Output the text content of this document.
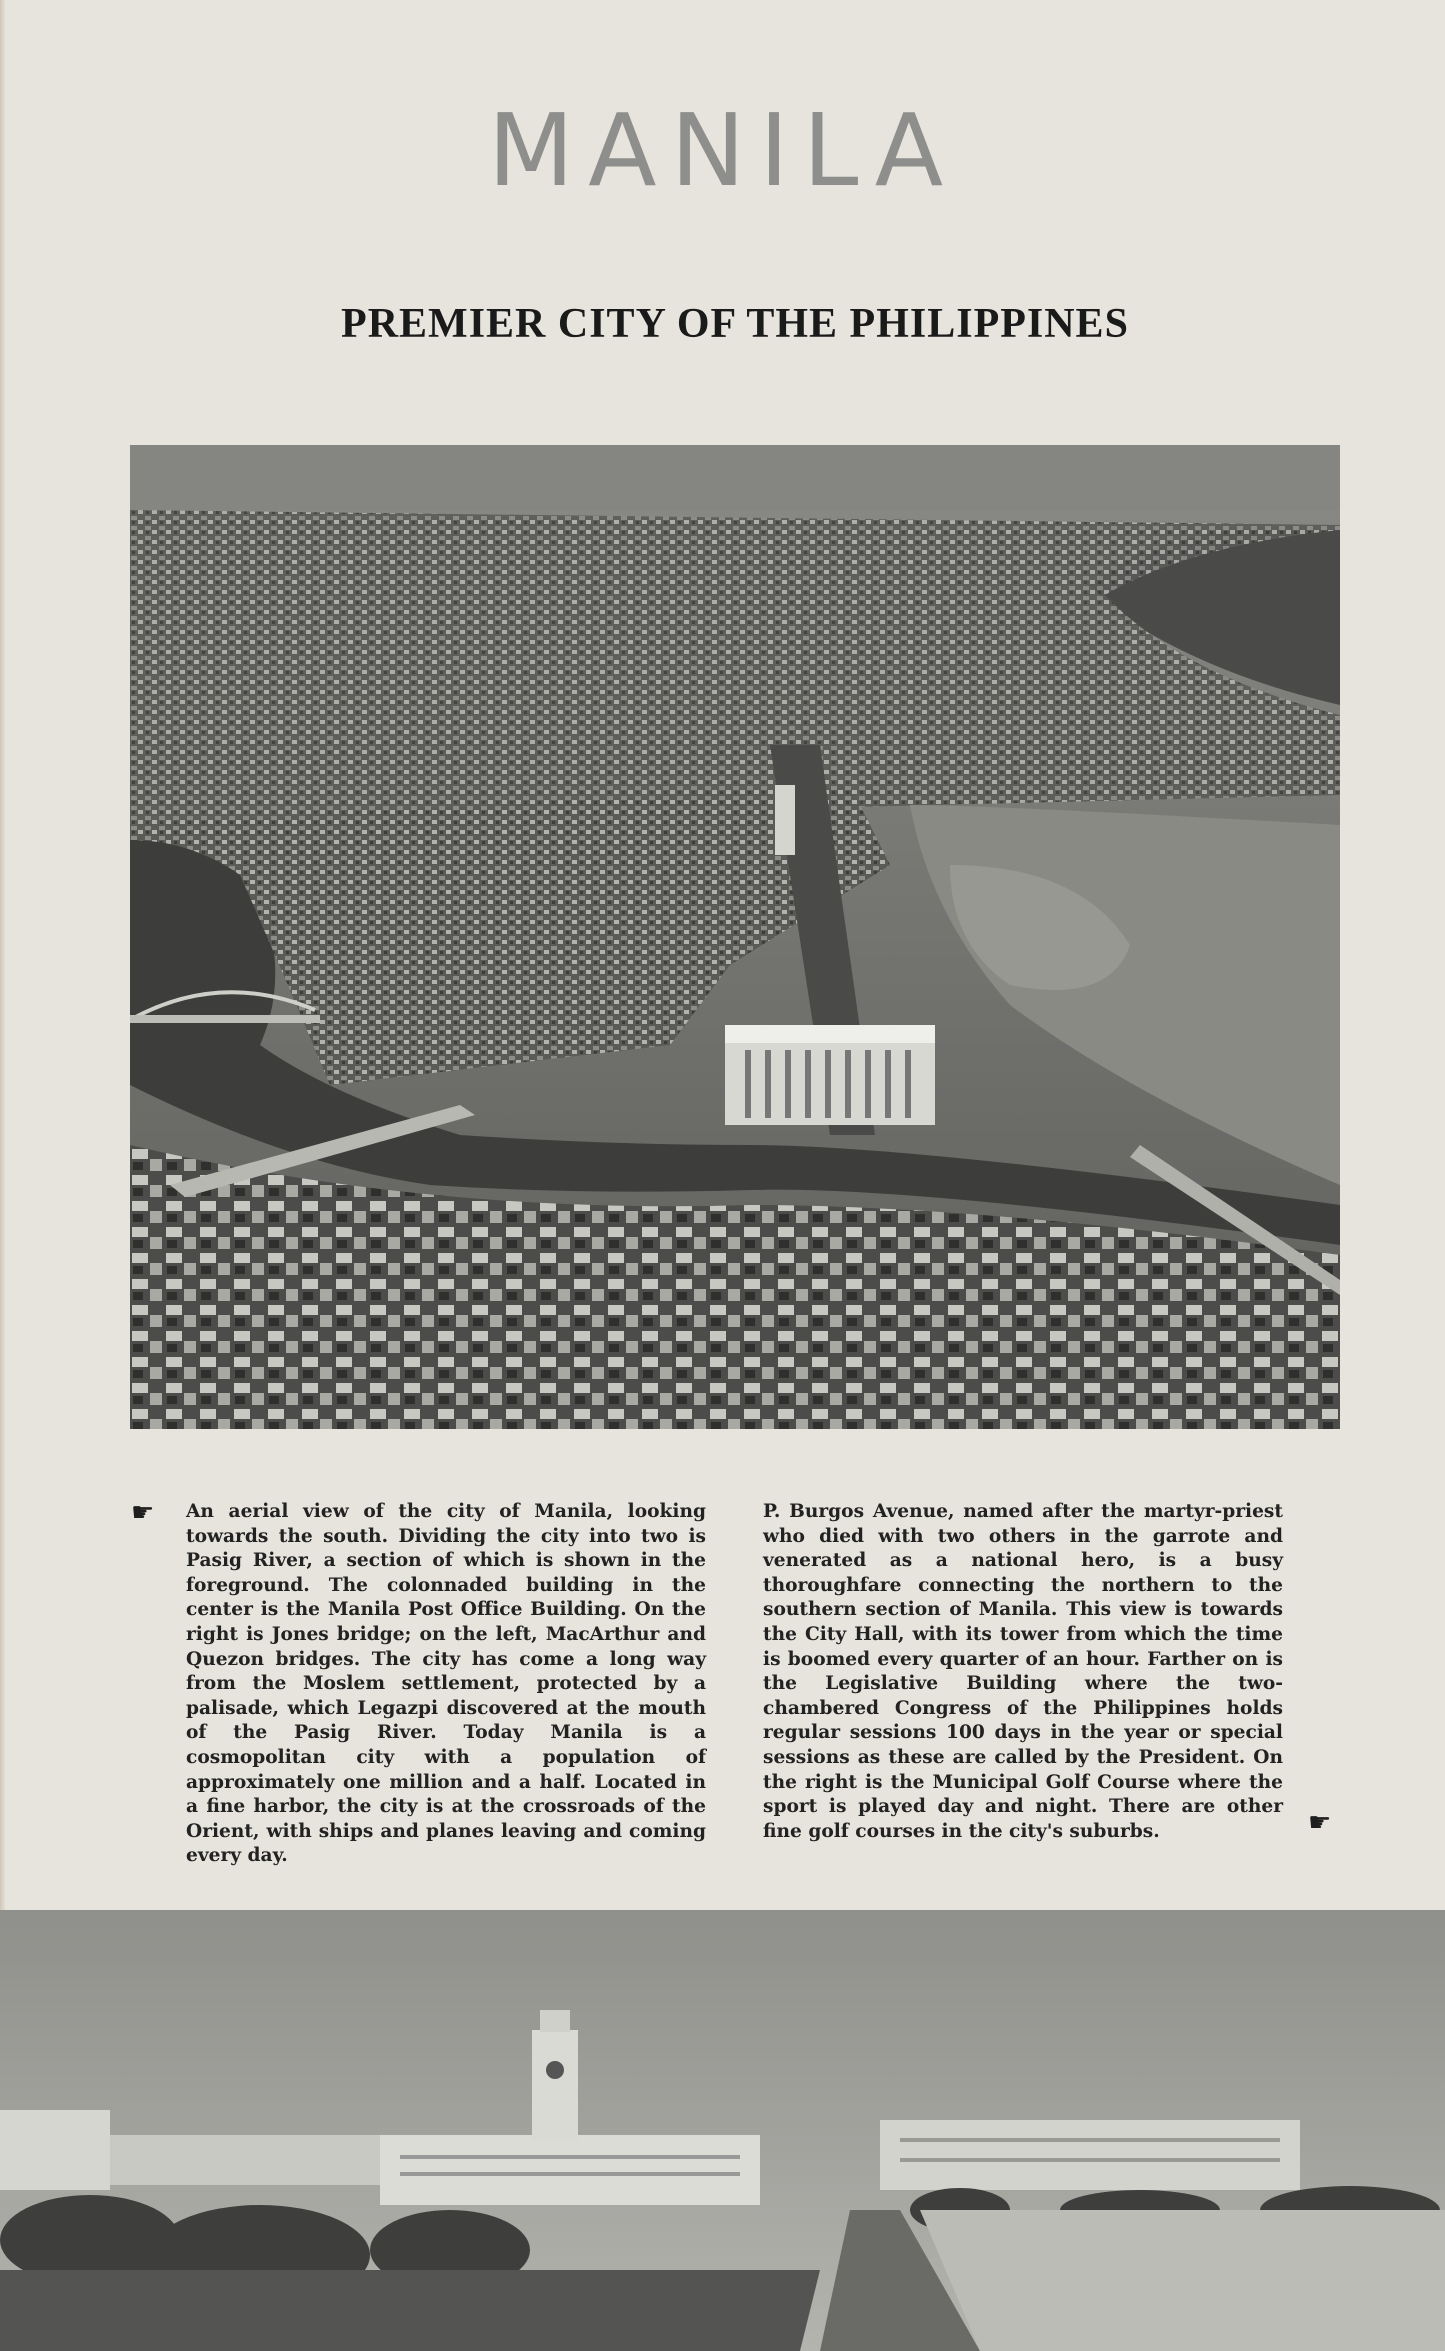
MANILA
PREMIER CITY OF THE PHILIPPINES
☛ An aerial view of the city of Manila, looking towards the south. Dividing the city into two is Pasig River, a section of which is shown in the foreground. The colonnaded building in the center is the Manila Post Office Building. On the right is Jones bridge; on the left, MacArthur and Quezon bridges. The city has come a long way from the Moslem settlement, protected by a palisade, which Legazpi discovered at the mouth of the Pasig River. Today Manila is a cosmopolitan city with a population of approximately one million and a half. Located in a fine harbor, the city is at the crossroads of the Orient, with ships and planes leaving and coming every day.

P. Burgos Avenue, named after the martyr-priest who died with two others in the garrote and venerated as a national hero, is a busy thoroughfare connecting the northern to the southern section of Manila. This view is towards the City Hall, with its tower from which the time is boomed every quarter of an hour. Farther on is the Legislative Building where the two-chambered Congress of the Philippines holds regular sessions 100 days in the year or special sessions as these are called by the President. On the right is the Municipal Golf Course where the sport is played day and night. There are other fine golf courses in the city's suburbs.	☛
